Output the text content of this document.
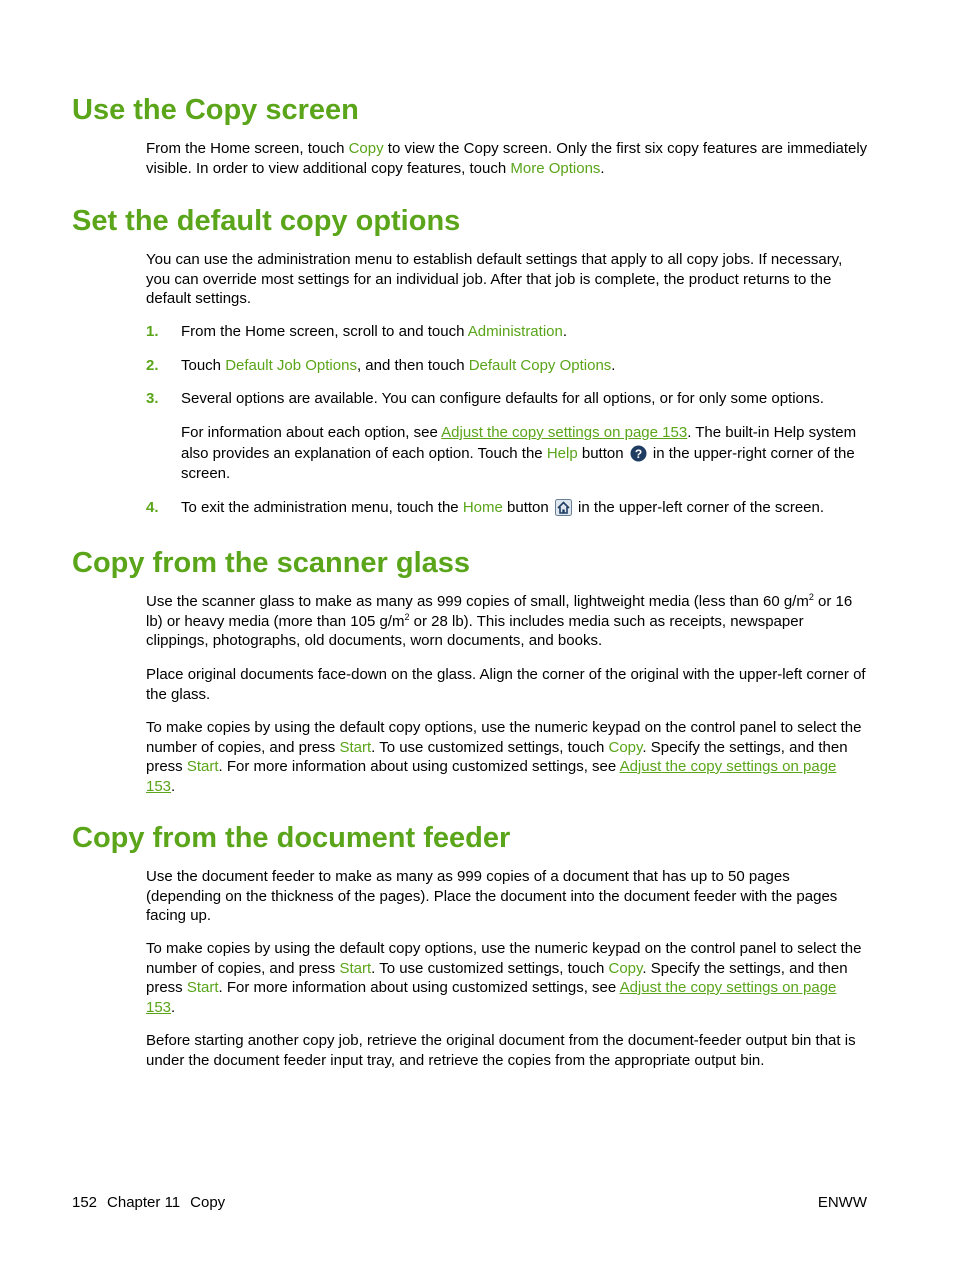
Use the Copy screen

From the Home screen, touch Copy to view the Copy screen. Only the first six copy features are immediately visible. In order to view additional copy features, touch More Options.

Set the default copy options

You can use the administration menu to establish default settings that apply to all copy jobs. If necessary, you can override most settings for an individual job. After that job is complete, the product returns to the default settings.

1. From the Home screen, scroll to and touch Administration.
2. Touch Default Job Options, and then touch Default Copy Options.
3. Several options are available. You can configure defaults for all options, or for only some options.
For information about each option, see Adjust the copy settings on page 153. The built-in Help system also provides an explanation of each option. Touch the Help button ? in the upper-right corner of the screen.
4. To exit the administration menu, touch the Home button  in the upper-left corner of the screen.
Copy from the scanner glass

Use the scanner glass to make as many as 999 copies of small, lightweight media (less than 60 $g/m^2$ or 16 lb) or heavy media (more than 105 $g/m^2$ or 28 lb). This includes media such as receipts, newspaper clippings, photographs, old documents, worn documents, and books.

Place original documents face-down on the glass. Align the corner of the original with the upper-left corner of the glass.

To make copies by using the default copy options, use the numeric keypad on the control panel to select the number of copies, and press Start. To use customized settings, touch Copy. Specify the settings, and then press Start. For more information about using customized settings, see Adjust the copy settings on page 153.

Copy from the document feeder

Use the document feeder to make as many as 999 copies of a document that has up to 50 pages (depending on the thickness of the pages). Place the document into the document feeder with the pages facing up.

To make copies by using the default copy options, use the numeric keypad on the control panel to select the number of copies, and press Start. To use customized settings, touch Copy. Specify the settings, and then press Start. For more information about using customized settings, see Adjust the copy settings on page 153.

Before starting another copy job, retrieve the original document from the document-feeder output bin that is under the document feeder input tray, and retrieve the copies from the appropriate output bin.

152 Chapter 11 Copy	ENWW
